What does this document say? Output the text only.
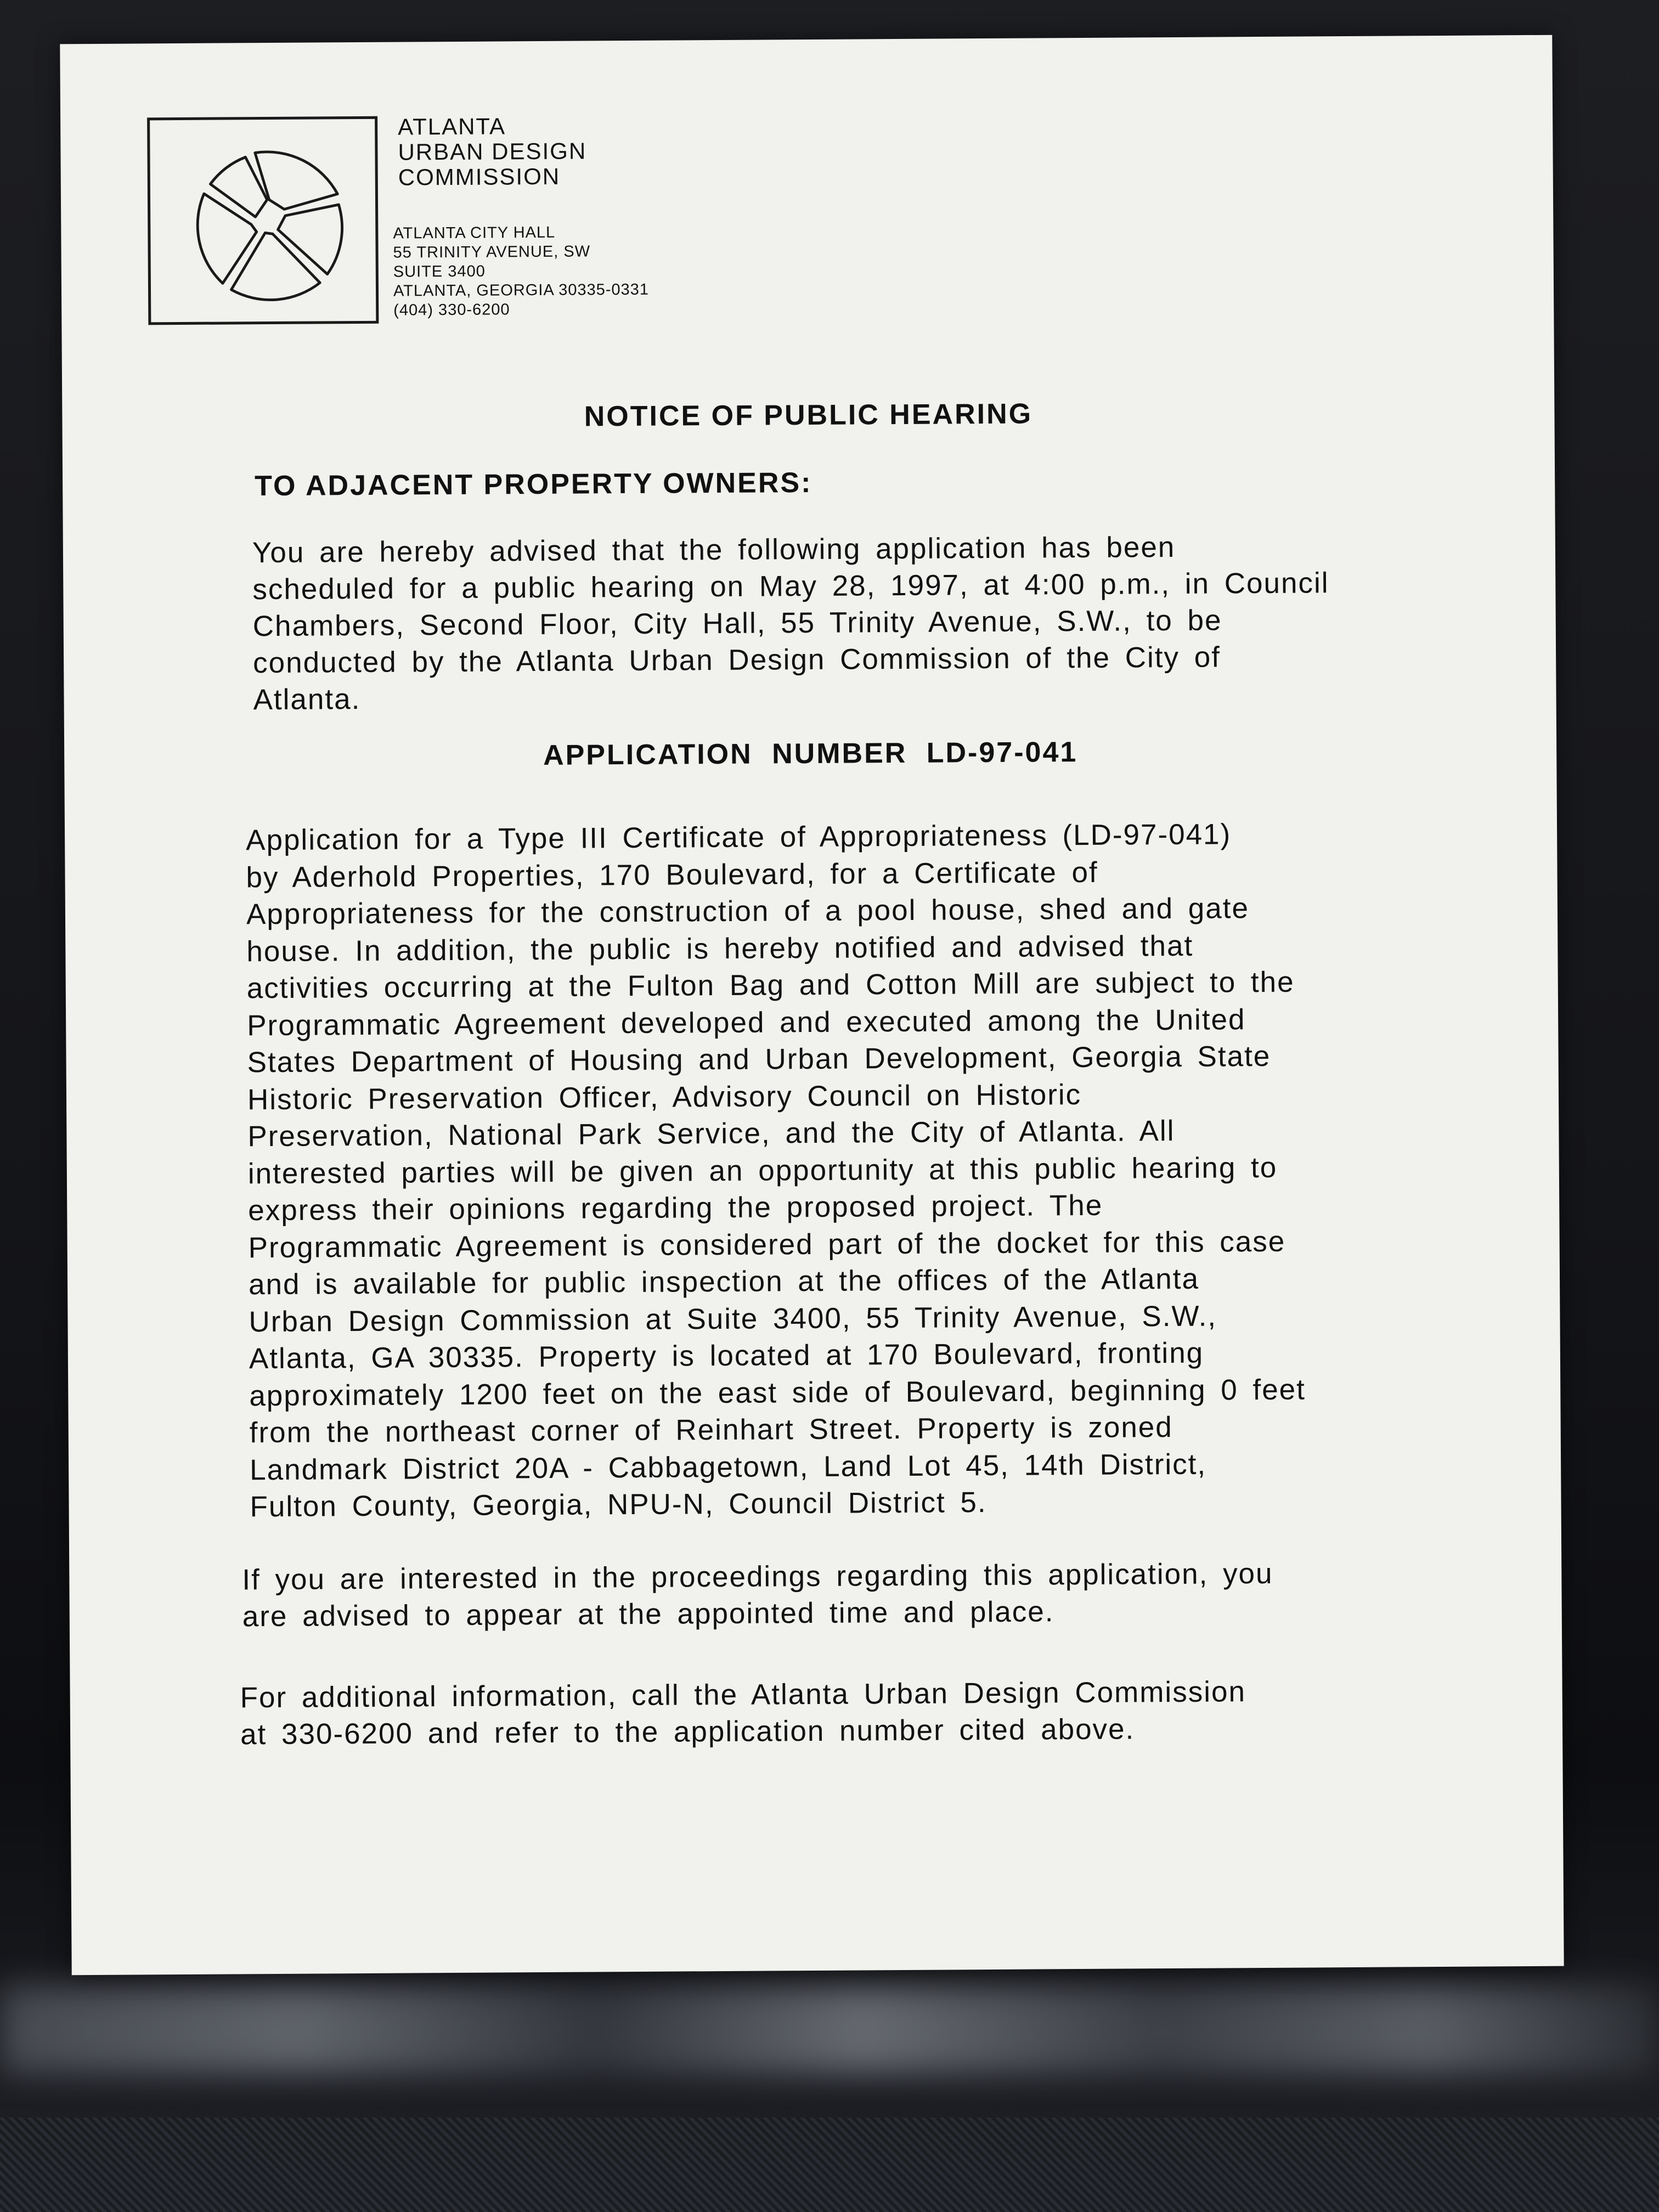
ATLANTA
URBAN DESIGN
COMMISSION
ATLANTA CITY HALL
55 TRINITY AVENUE, SW
SUITE 3400
ATLANTA, GEORGIA 30335-0331
(404) 330-6200
NOTICE OF PUBLIC HEARING
TO ADJACENT PROPERTY OWNERS:
You are hereby advised that the following application has been
scheduled for a public hearing on May 28, 1997, at 4:00 p.m., in Council
Chambers, Second Floor, City Hall, 55 Trinity Avenue, S.W., to be
conducted by the Atlanta Urban Design Commission of the City of
Atlanta.
APPLICATION NUMBER LD-97-041
Application for a Type III Certificate of Appropriateness (LD-97-041)
by Aderhold Properties, 170 Boulevard, for a Certificate of
Appropriateness for the construction of a pool house, shed and gate
house. In addition, the public is hereby notified and advised that
activities occurring at the Fulton Bag and Cotton Mill are subject to the
Programmatic Agreement developed and executed among the United
States Department of Housing and Urban Development, Georgia State
Historic Preservation Officer, Advisory Council on Historic
Preservation, National Park Service, and the City of Atlanta. All
interested parties will be given an opportunity at this public hearing to
express their opinions regarding the proposed project. The
Programmatic Agreement is considered part of the docket for this case
and is available for public inspection at the offices of the Atlanta
Urban Design Commission at Suite 3400, 55 Trinity Avenue, S.W.,
Atlanta, GA 30335. Property is located at 170 Boulevard, fronting
approximately 1200 feet on the east side of Boulevard, beginning 0 feet
from the northeast corner of Reinhart Street. Property is zoned
Landmark District 20A - Cabbagetown, Land Lot 45, 14th District,
Fulton County, Georgia, NPU-N, Council District 5.
If you are interested in the proceedings regarding this application, you
are advised to appear at the appointed time and place.
For additional information, call the Atlanta Urban Design Commission
at 330-6200 and refer to the application number cited above.
